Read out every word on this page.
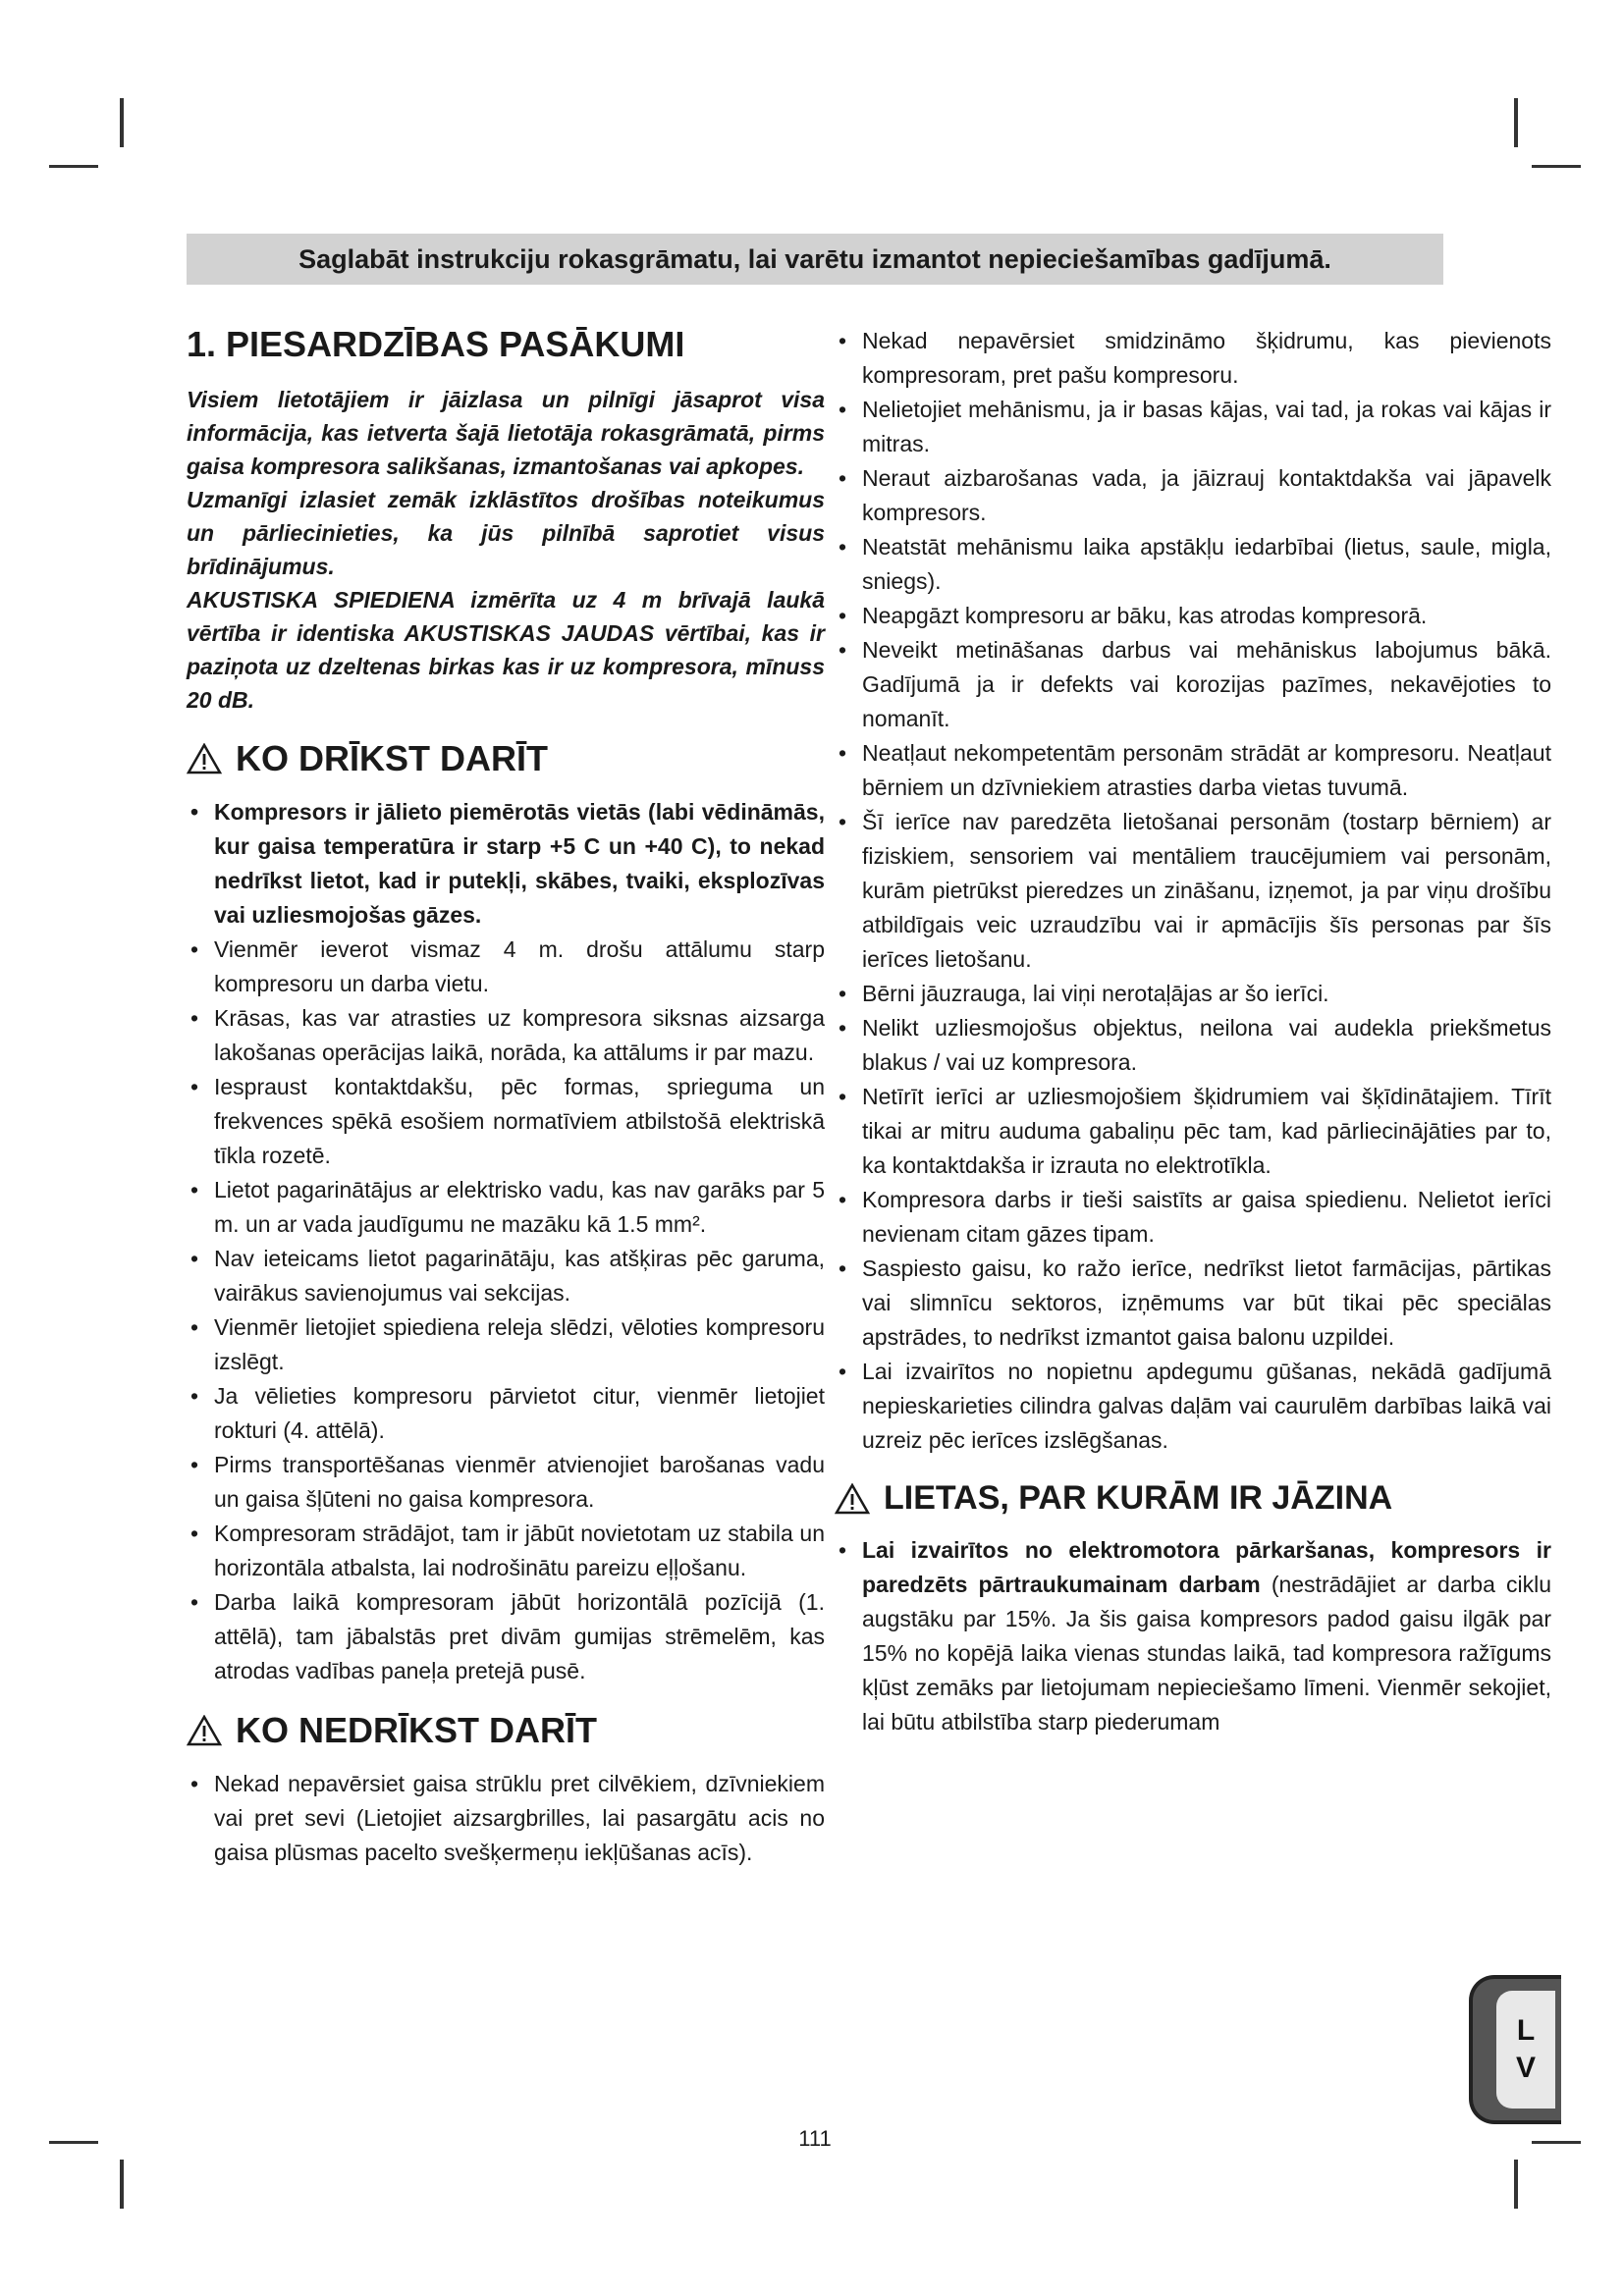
Saglabāt instrukciju rokasgrāmatu, lai varētu izmantot nepieciešamības gadījumā.
1. PIESARDZĪBAS PASĀKUMI

Visiem lietotājiem ir jāizlasa un pilnīgi jāsaprot visa informācija, kas ietverta šajā lietotāja rokasgrāmatā, pirms gaisa kompresora salikšanas, izmantošanas vai apkopes.

Uzmanīgi izlasiet zemāk izklāstītos drošības noteikumus un pārliecinieties, ka jūs pilnībā saprotiet visus brīdinājumus.

AKUSTISKA SPIEDIENA izmērīta uz 4 m brīvajā laukā vērtība ir identiska AKUSTISKAS JAUDAS vērtībai, kas ir paziņota uz dzeltenas birkas kas ir uz kompresora, mīnuss 20 dB.

KO DRĪKST DARĪT
• Kompresors ir jālieto piemērotās vietās (labi vēdināmās, kur gaisa temperatūra ir starp +5 C un +40 C), to nekad nedrīkst lietot, kad ir putekļi, skābes, tvaiki, eksplozīvas vai uzliesmojošas gāzes.
• Vienmēr ieverot vismaz 4 m. drošu attālumu starp kompresoru un darba vietu.
• Krāsas, kas var atrasties uz kompresora siksnas aizsarga lakošanas operācijas laikā, norāda, ka attālums ir par mazu.
• Iespraust kontaktdakšu, pēc formas, sprieguma un frekvences spēkā esošiem normatīviem atbilstošā elektriskā tīkla rozetē.
• Lietot pagarinātājus ar elektrisko vadu, kas nav garāks par 5 m. un ar vada jaudīgumu ne mazāku kā 1.5 mm².
• Nav ieteicams lietot pagarinātāju, kas atšķiras pēc garuma, vairākus savienojumus vai sekcijas.
• Vienmēr lietojiet spiediena releja slēdzi, vēloties kompresoru izslēgt.
• Ja vēlieties kompresoru pārvietot citur, vienmēr lietojiet rokturi (4. attēlā).
• Pirms transportēšanas vienmēr atvienojiet barošanas vadu un gaisa šļūteni no gaisa kompresora.
• Kompresoram strādājot, tam ir jābūt novietotam uz stabila un horizontāla atbalsta, lai nodrošinātu pareizu eļļošanu.
• Darba laikā kompresoram jābūt horizontālā pozīcijā (1. attēlā), tam jābalstās pret divām gumijas strēmelēm, kas atrodas vadības paneļa pretejā pusē.
KO NEDRĪKST DARĪT
• Nekad nepavērsiet gaisa strūklu pret cilvēkiem, dzīvniekiem vai pret sevi (Lietojiet aizsargbrilles, lai pasargātu acis no gaisa plūsmas pacelto svešķermeņu iekļūšanas acīs).
• Nekad nepavērsiet smidzināmo šķidrumu, kas pievienots kompresoram, pret pašu kompresoru.
• Nelietojiet mehānismu, ja ir basas kājas, vai tad, ja rokas vai kājas ir mitras.
• Neraut aizbarošanas vada, ja jāizrauj kontaktdakša vai jāpavelk kompresors.
• Neatstāt mehānismu laika apstākļu iedarbībai (lietus, saule, migla, sniegs).
• Neapgāzt kompresoru ar bāku, kas atrodas kompresorā.
• Neveikt metināšanas darbus vai mehāniskus labojumus bākā. Gadījumā ja ir defekts vai korozijas pazīmes, nekavējoties to nomanīt.
• Neatļaut nekompetentām personām strādāt ar kompresoru. Neatļaut bērniem un dzīvniekiem atrasties darba vietas tuvumā.
• Šī ierīce nav paredzēta lietošanai personām (tostarp bērniem) ar fiziskiem, sensoriem vai mentāliem traucējumiem vai personām, kurām pietrūkst pieredzes un zināšanu, izņemot, ja par viņu drošību atbildīgais veic uzraudzību vai ir apmācījis šīs personas par šīs ierīces lietošanu.
• Bērni jāuzrauga, lai viņi nerotaļājas ar šo ierīci.
• Nelikt uzliesmojošus objektus, neilona vai audekla priekšmetus blakus / vai uz kompresora.
• Netīrīt ierīci ar uzliesmojošiem šķidrumiem vai šķīdinātajiem. Tīrīt tikai ar mitru auduma gabaliņu pēc tam, kad pārliecinājāties par to, ka kontaktdakša ir izrauta no elektrotīkla.
• Kompresora darbs ir tieši saistīts ar gaisa spiedienu. Nelietot ierīci nevienam citam gāzes tipam.
• Saspiesto gaisu, ko ražo ierīce, nedrīkst lietot farmācijas, pārtikas vai slimnīcu sektoros, izņēmums var būt tikai pēc speciālas apstrādes, to nedrīkst izmantot gaisa balonu uzpildei.
• Lai izvairītos no nopietnu apdegumu gūšanas, nekādā gadījumā nepieskarieties cilindra galvas daļām vai caurulēm darbības laikā vai uzreiz pēc ierīces izslēgšanas.
LIETAS, PAR KURĀM IR JĀZINA
• Lai izvairītos no elektromotora pārkaršanas, kompresors ir paredzēts pārtraukumainam darbam (nestrādājiet ar darba ciklu augstāku par 15%. Ja šis gaisa kompresors padod gaisu ilgāk par 15% no kopējā laika vienas stundas laikā, tad kompresora ražīgums kļūst zemāks par lietojumam nepieciešamo līmeni. Vienmēr sekojiet, lai būtu atbilstība starp piederumam
111
L
V
